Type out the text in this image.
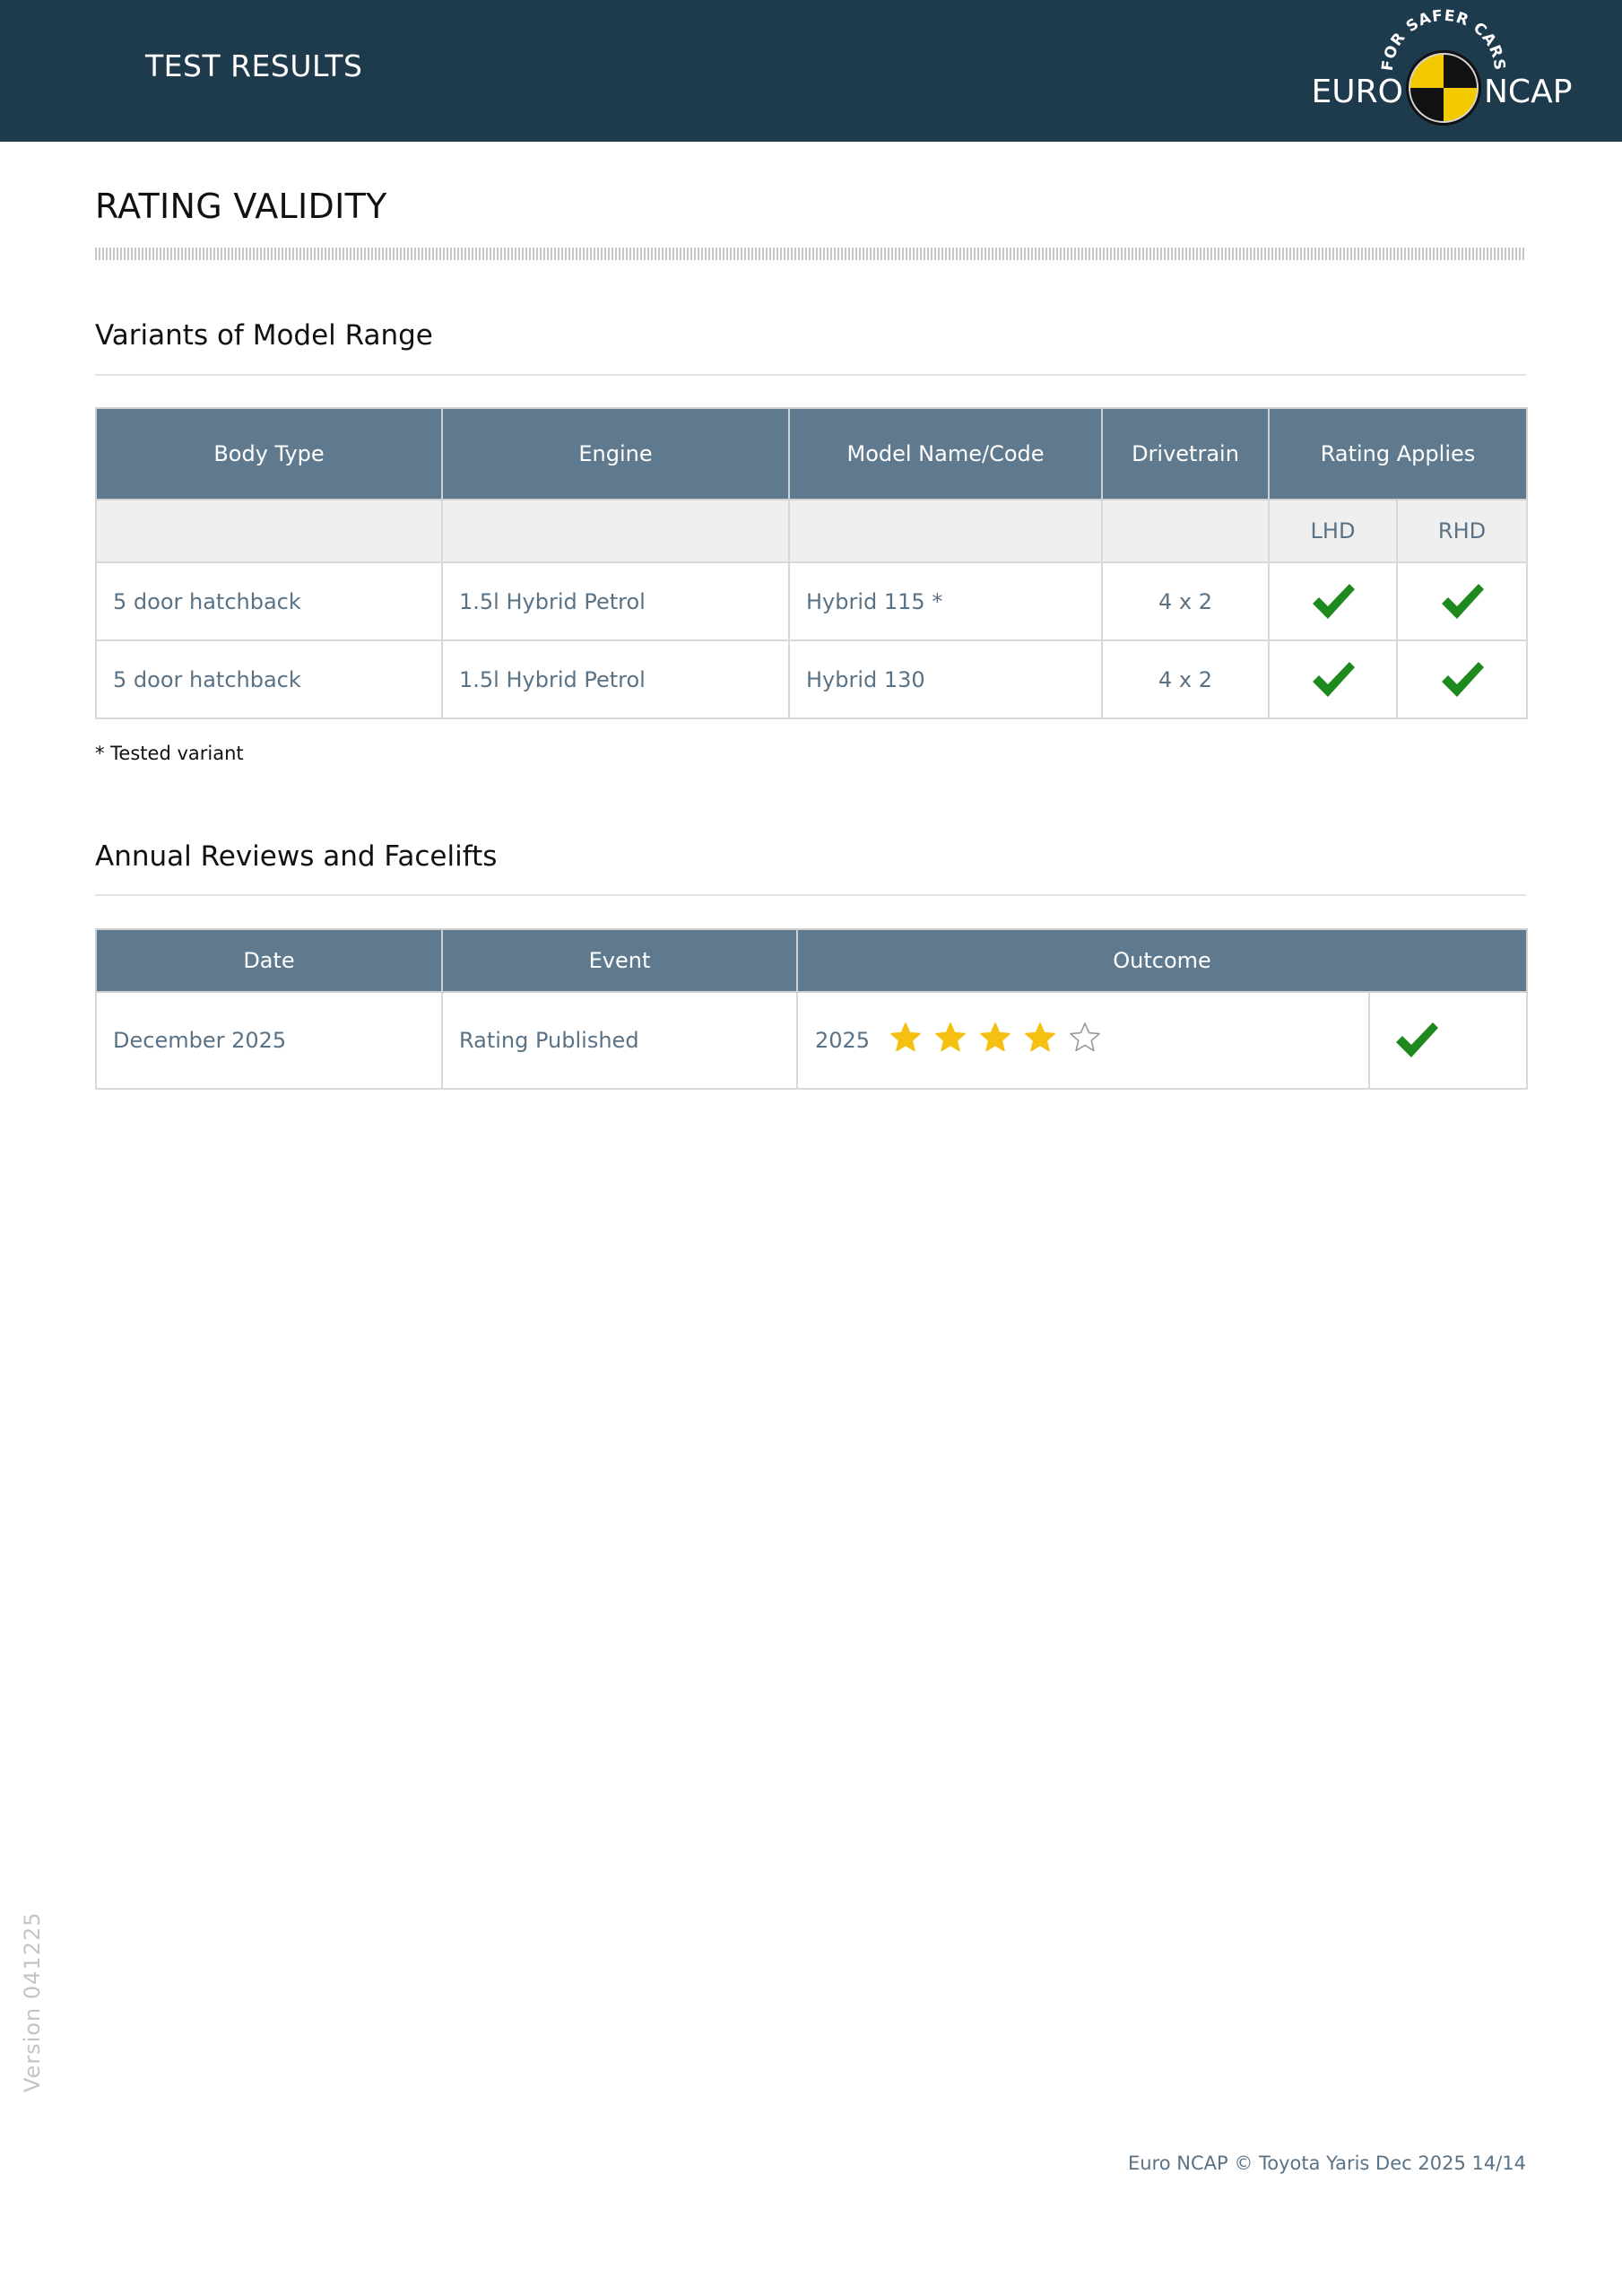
TEST RESULTS	FOR SAFER CARS
EURO	NCAP
RATING VALIDITY
Variants of Model Range
Body Type	Engine	Model Name/Code	Drivetrain	Rating Applies	
				LHD	RHD
5 door hatchback	1.5l Hybrid Petrol	Hybrid 115 *	4 x 2		
5 door hatchback	1.5l Hybrid Petrol	Hybrid 130	4 x 2		
* Tested variant
Annual Reviews and Facelifts
Date	Event	Outcome	
December 2025	Rating Published	2025

Version 041225
Euro NCAP © Toyota Yaris Dec 2025 14/14
